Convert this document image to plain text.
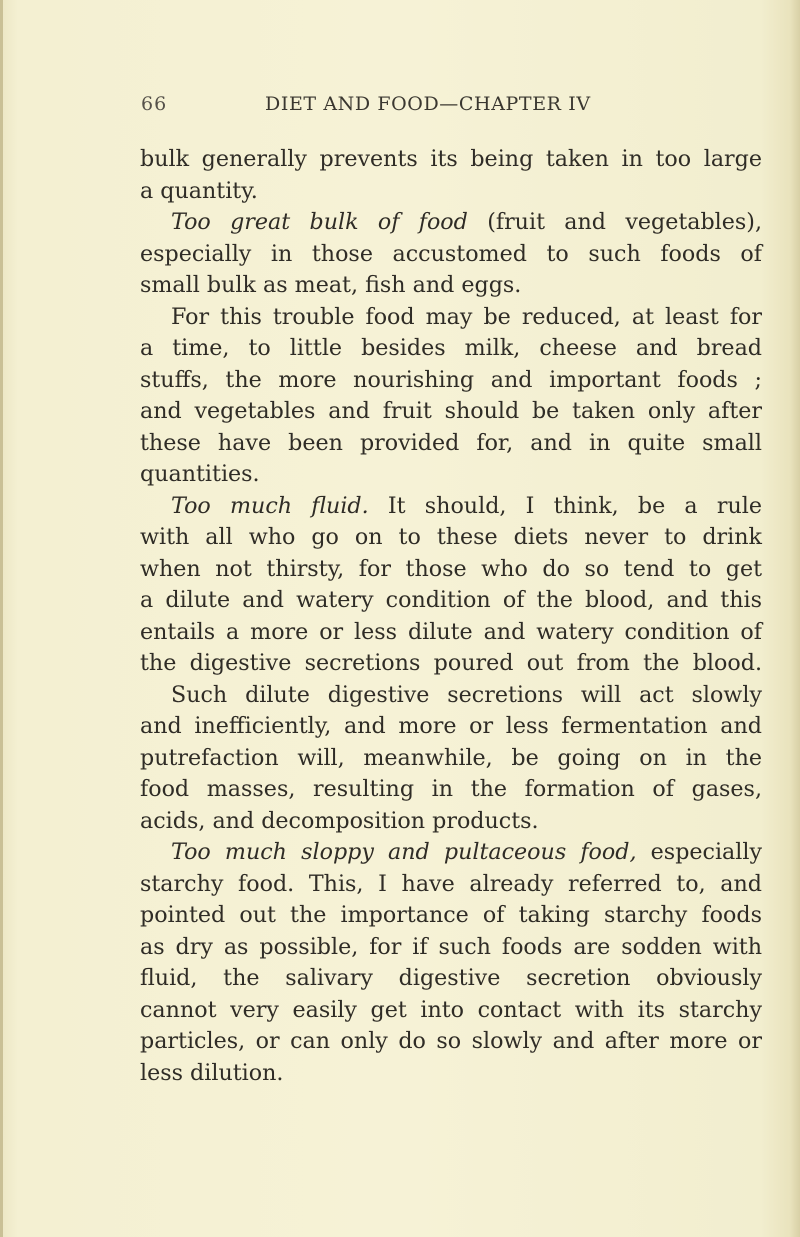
66	DIET AND FOOD—CHAPTER IV
bulk generally prevents its being taken in too large
a quantity.
Too great bulk of food (fruit and vegetables),
especially in those accustomed to such foods of
small bulk as meat, fish and eggs.
For this trouble food may be reduced, at least for
a time, to little besides milk, cheese and bread
stuffs, the more nourishing and important foods ;
and vegetables and fruit should be taken only after
these have been provided for, and in quite small
quantities.
Too much fluid. It should, I think, be a rule
with all who go on to these diets never to drink
when not thirsty, for those who do so tend to get
a dilute and watery condition of the blood, and this
entails a more or less dilute and watery condition of
the digestive secretions poured out from the blood.
Such dilute digestive secretions will act slowly
and inefficiently, and more or less fermentation and
putrefaction will, meanwhile, be going on in the
food masses, resulting in the formation of gases,
acids, and decomposition products.
Too much sloppy and pultaceous food, especially
starchy food. This, I have already referred to, and
pointed out the importance of taking starchy foods
as dry as possible, for if such foods are sodden with
fluid, the salivary digestive secretion obviously
cannot very easily get into contact with its starchy
particles, or can only do so slowly and after more or
less dilution.
